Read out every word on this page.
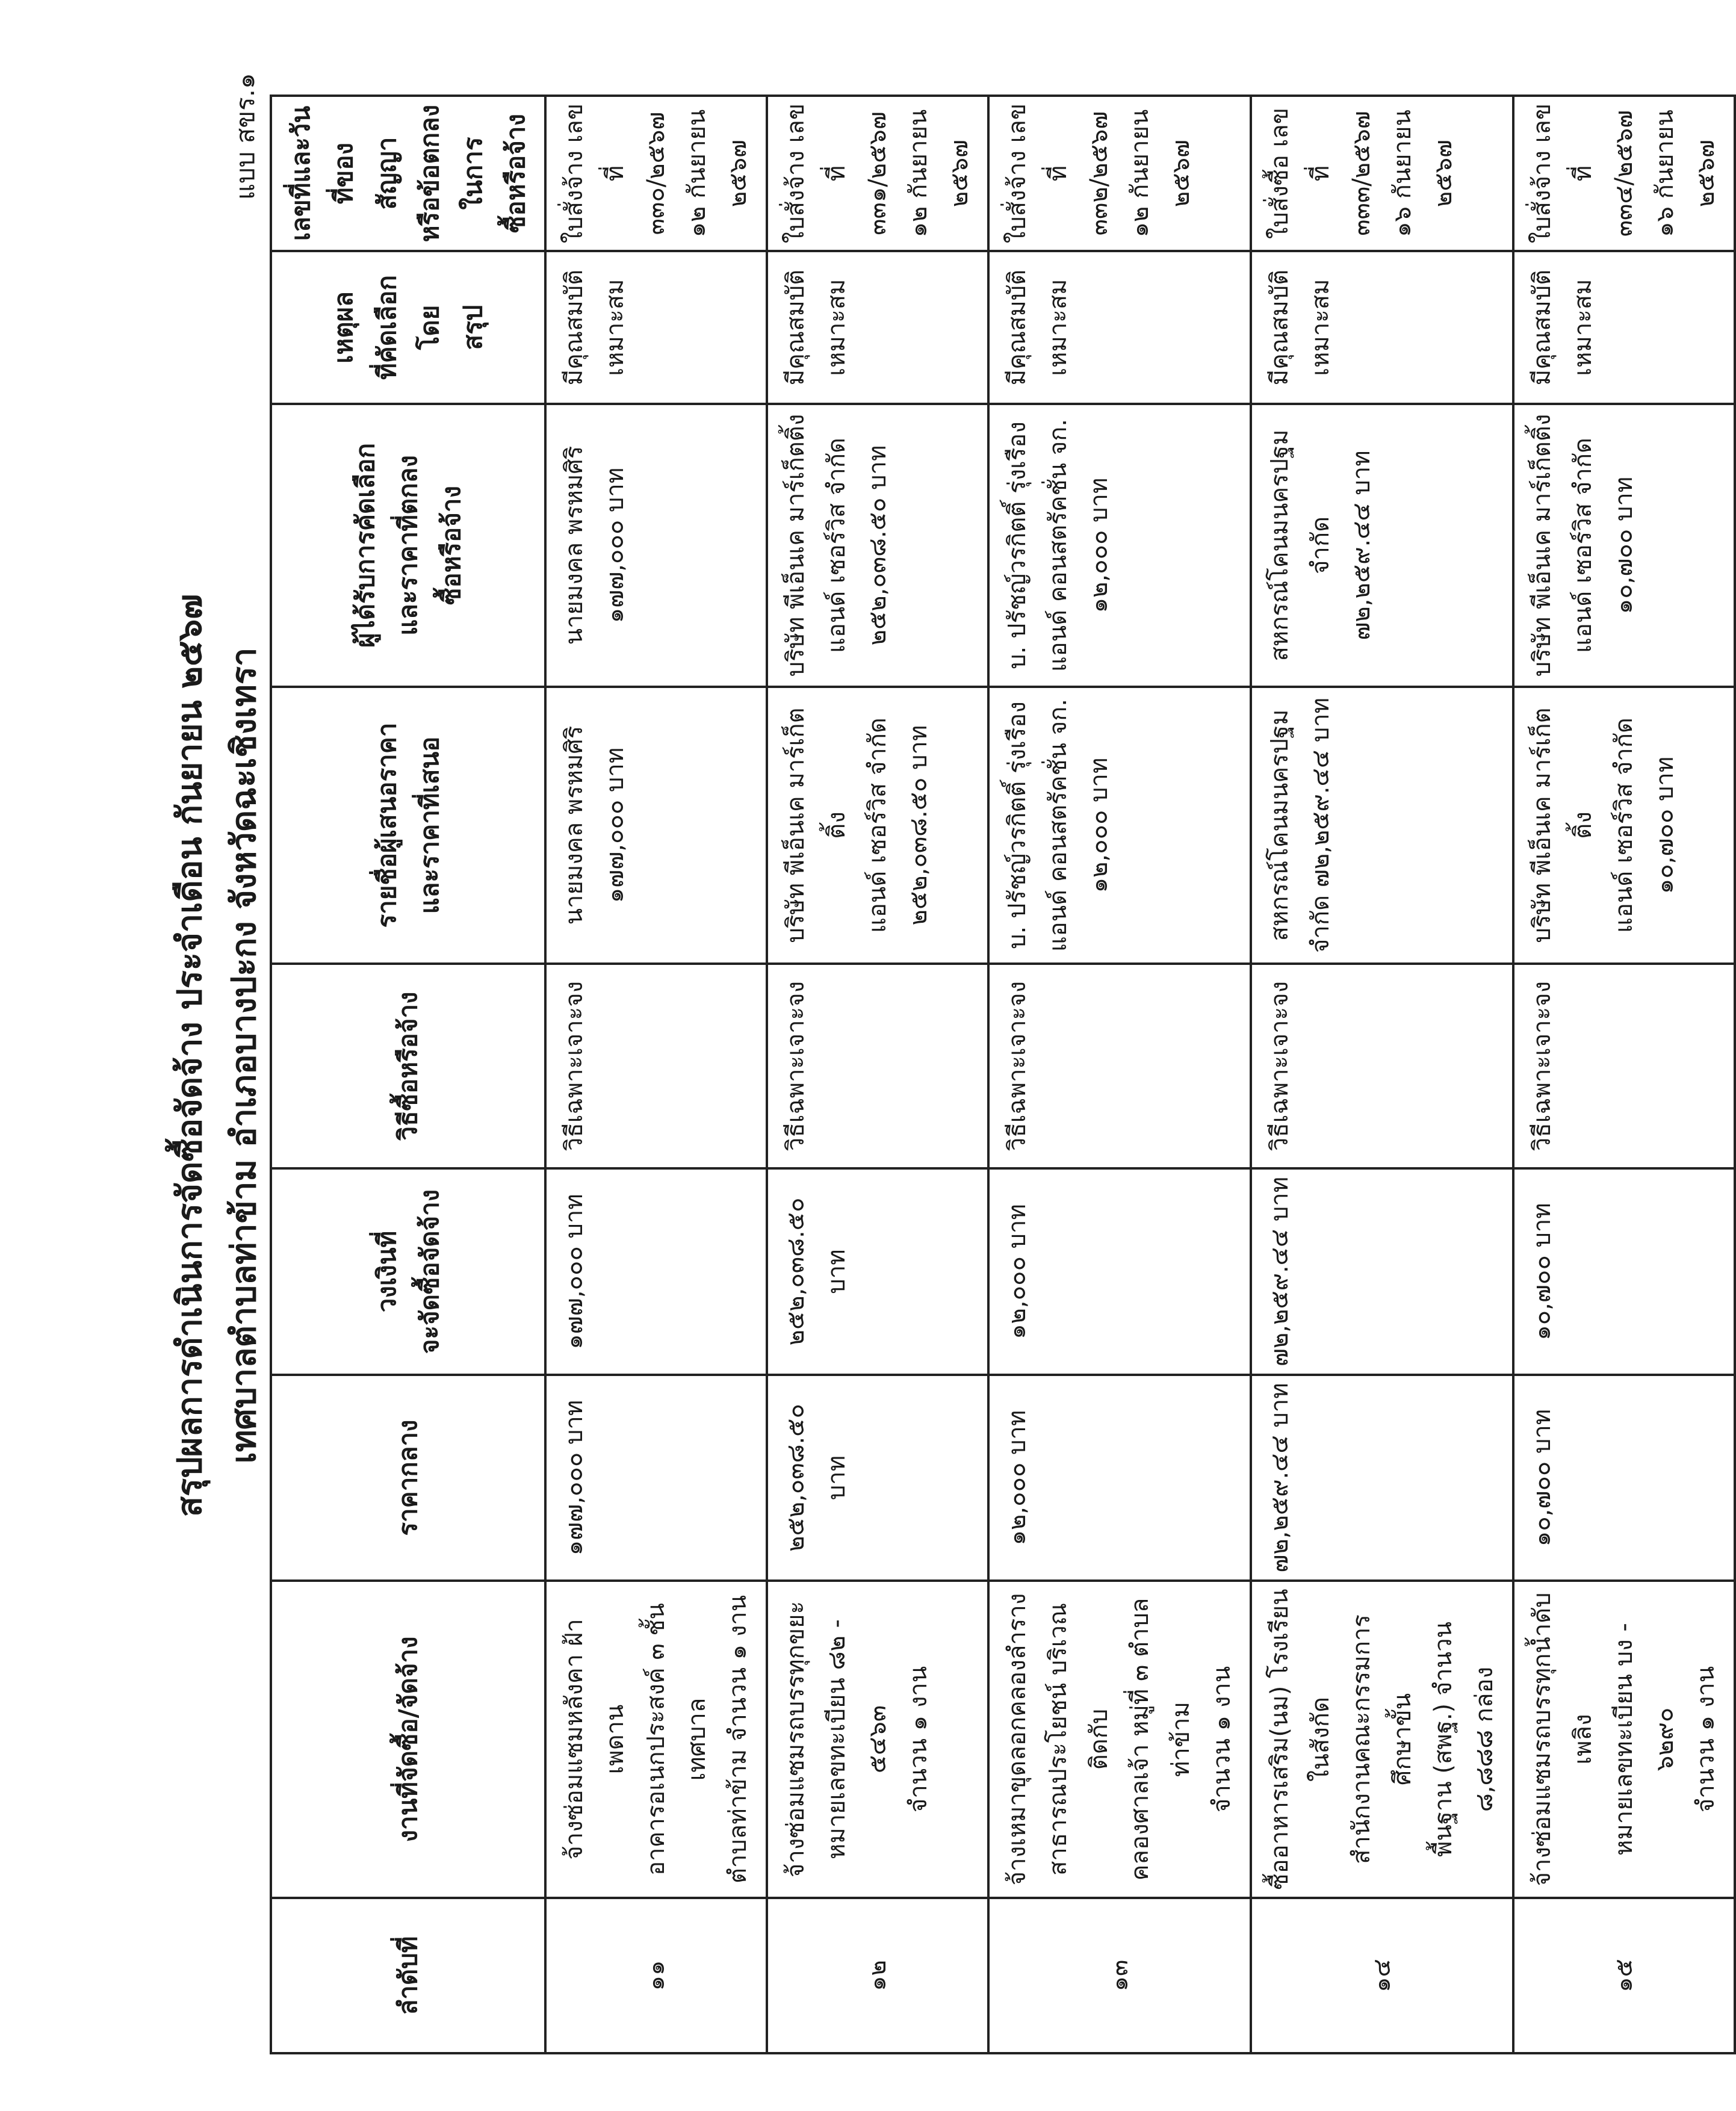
แบบ สขร.๑
สรุปผลการดำเนินการจัดซื้อจัดจ้าง ประจำเดือน กันยายน ๒๕๖๗ เทศบาลตำบลท่าข้าม อำเภอบางปะกง จังหวัดฉะเชิงเทรา
ลำดับที่	งานที่จัดซื้อ/จัดจ้าง	ราคากลาง	วงเงินที่ จะจัดซื้อจัดจ้าง	วิธีซื้อหรือจ้าง	รายชื่อผู้เสนอราคา และราคาที่เสนอ	ผู้ได้รับการคัดเลือก และราคาที่ตกลง ซื้อหรือจ้าง	เหตุผล ที่คัดเลือกโดย สรุป	เลขที่และวันที่ของ สัญญา หรือข้อตกลงในการ ซื้อหรือจ้าง

๑๑	จ้างซ่อมแซมหลังคา ฝ้า เพดาน อาคารอเนกประสงค์ ๓ ชั้น เทศบาล ตำบลท่าข้าม จำนวน ๑ งาน	๑๗๗,๐๐๐ บาท	๑๗๗,๐๐๐ บาท	วิธีเฉพาะเจาะจง	นายมงคล พรหมศิริ ๑๗๗,๐๐๐ บาท	นายมงคล พรหมศิริ ๑๗๗,๐๐๐ บาท	มีคุณสมบัติ เหมาะสม	ใบสั่งจ้าง เลขที่ ๓๓๐/๒๕๖๗ ๑๒ กันยายน ๒๕๖๗

๑๒	จ้างซ่อมแซมรถบรรทุกขยะ หมายเลขทะเบียน ๘๒ - ๕๔๖๓ จำนวน ๑ งาน	๒๕๒,๐๓๘.๕๐ บาท	๒๕๒,๐๓๘.๕๐ บาท	วิธีเฉพาะเจาะจง	บริษัท พีเอ็นเค มาร์เก็ตติ้ง แอนด์ เซอร์วิส จำกัด ๒๕๒,๐๓๘.๕๐ บาท	บริษัท พีเอ็นเค มาร์เก็ตติ้ง แอนด์ เซอร์วิส จำกัด ๒๕๒,๐๓๘.๕๐ บาท	มีคุณสมบัติ เหมาะสม	ใบสั่งจ้าง เลขที่ ๓๓๑/๒๕๖๗ ๑๒ กันยายน ๒๕๖๗

๑๓	จ้างเหมาขุดลอกคลองลำราง สาธารณประโยชน์ บริเวณติดกับ คลองศาลเจ้า หมู่ที่ ๓ ตำบลท่าข้าม จำนวน ๑ งาน	๑๒,๐๐๐ บาท	๑๒,๐๐๐ บาท	วิธีเฉพาะเจาะจง	บ. ปรัชญ์วรกิตติ์ รุ่งเรือง แอนด์ คอนสตรัคชั่น จก. ๑๒,๐๐๐ บาท	บ. ปรัชญ์วรกิตติ์ รุ่งเรือง แอนด์ คอนสตรัคชั่น จก. ๑๒,๐๐๐ บาท	มีคุณสมบัติ เหมาะสม	ใบสั่งจ้าง เลขที่ ๓๓๒/๒๕๖๗ ๑๒ กันยายน ๒๕๖๗

๑๔	ซื้ออาหารเสริม(นม) โรงเรียน ในสังกัด สำนักงานคณะกรรมการศึกษาขั้น พื้นฐาน (สพฐ.) จำนวน ๘,๘๘๘ กล่อง	๗๒,๒๕๙.๔๔ บาท	๗๒,๒๕๙.๔๔ บาท	วิธีเฉพาะเจาะจง	สหกรณ์โคนมนครปฐม จำกัด ๗๒,๒๕๙.๔๔ บาท	สหกรณ์โคนมนครปฐม จำกัด ๗๒,๒๕๙.๔๔ บาท	มีคุณสมบัติ เหมาะสม	ใบสั่งซื้อ เลขที่ ๓๓๓/๒๕๖๗ ๑๖ กันยายน ๒๕๖๗

๑๕	จ้างซ่อมแซมรถบรรทุกน้ำดับเพลิง หมายเลขทะเบียน บง - ๖๒๙๐ จำนวน ๑ งาน	๑๐,๗๐๐ บาท	๑๐,๗๐๐ บาท	วิธีเฉพาะเจาะจง	บริษัท พีเอ็นเค มาร์เก็ตติ้ง แอนด์ เซอร์วิส จำกัด ๑๐,๗๐๐ บาท	บริษัท พีเอ็นเค มาร์เก็ตติ้ง แอนด์ เซอร์วิส จำกัด ๑๐,๗๐๐ บาท	มีคุณสมบัติ เหมาะสม	ใบสั่งจ้าง เลขที่ ๓๓๔/๒๕๖๗ ๑๖ กันยายน ๒๕๖๗
